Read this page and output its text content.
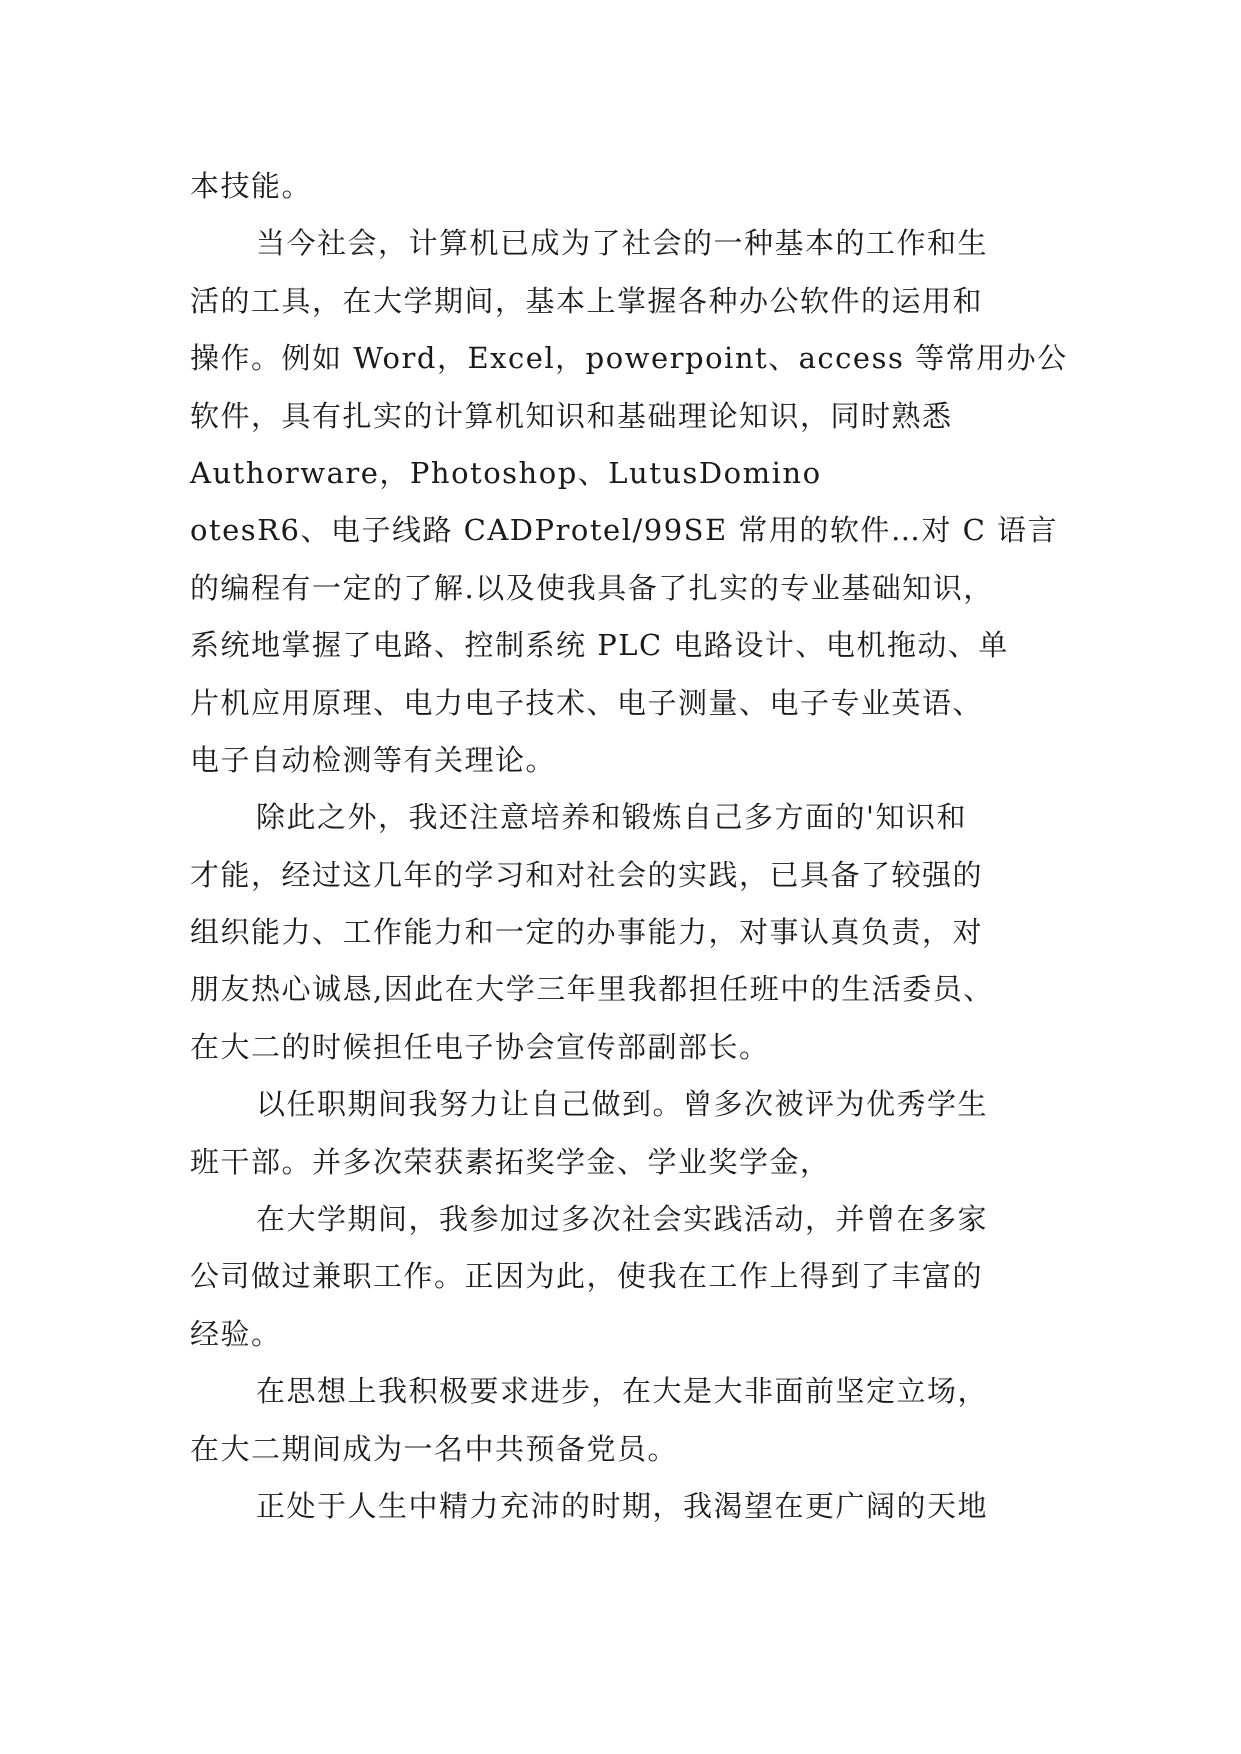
本技能。
当今社会，计算机已成为了社会的一种基本的工作和生
活的工具，在大学期间，基本上掌握各种办公软件的运用和
操作。例如 Word，Excel，powerpoint、access 等常用办公
软件，具有扎实的计算机知识和基础理论知识，同时熟悉
Authorware，Photoshop、LutusDomino
otesR6、电子线路 CADProtel/99SE 常用的软件…对 C 语言
的编程有一定的了解.以及使我具备了扎实的专业基础知识，
系统地掌握了电路、控制系统 PLC 电路设计、电机拖动、单
片机应用原理、电力电子技术、电子测量、电子专业英语、
电子自动检测等有关理论。
除此之外，我还注意培养和锻炼自己多方面的'知识和
才能，经过这几年的学习和对社会的实践，已具备了较强的
组织能力、工作能力和一定的办事能力，对事认真负责，对
朋友热心诚恳,因此在大学三年里我都担任班中的生活委员、
在大二的时候担任电子协会宣传部副部长。
以任职期间我努力让自己做到。曾多次被评为优秀学生
班干部。并多次荣获素拓奖学金、学业奖学金，
在大学期间，我参加过多次社会实践活动，并曾在多家
公司做过兼职工作。正因为此，使我在工作上得到了丰富的
经验。
在思想上我积极要求进步，在大是大非面前坚定立场，
在大二期间成为一名中共预备党员。
正处于人生中精力充沛的时期，我渴望在更广阔的天地
